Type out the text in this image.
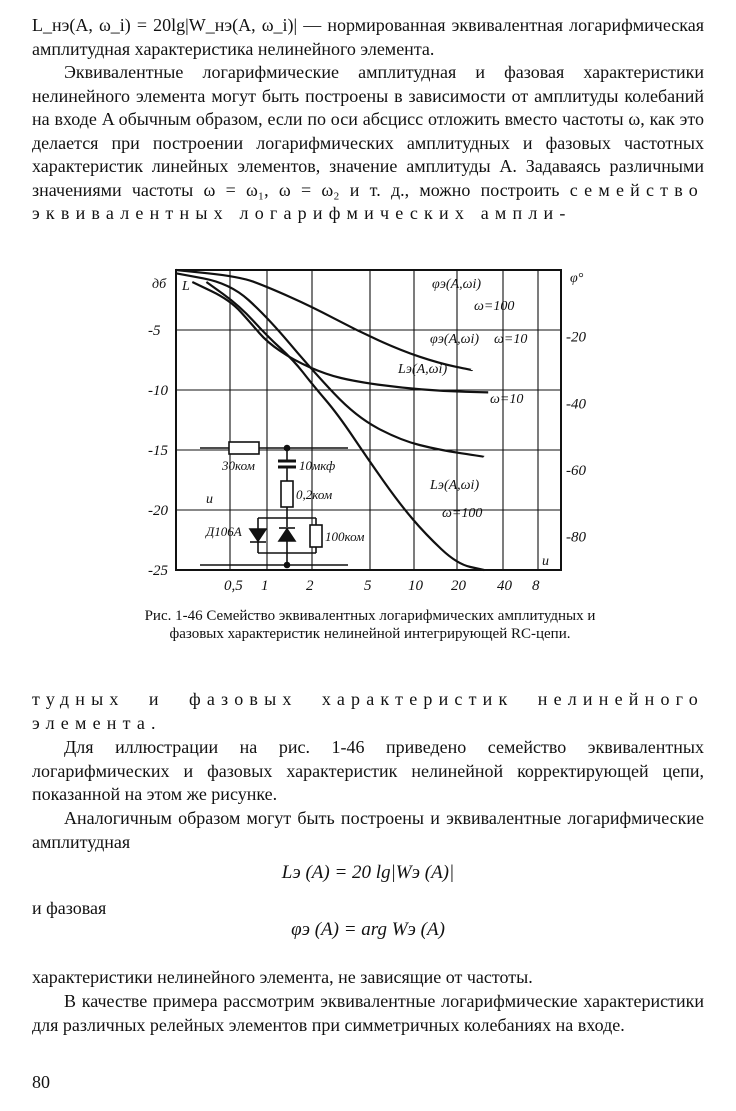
L_нэ(A, ω_i) = 20lg|W_нэ(A, ω_i)| — нормированная эквивалентная логарифмическая амплитудная характеристика нелинейного элемента.

Эквивалентные логарифмические амплитудная и фазовая характеристики нелинейного элемента могут быть построены в зависимости от амплитуды колебаний на входе A обычным образом, если по оси абсцисс отложить вместо частоты ω, как это делается при построении логарифмических амплитудных и фазовых частотных характеристик линейных элементов, значение амплитуды A. Задаваясь различными значениями частоты ω = ω₁, ω = ω₂ и т. д., можно построить семейство эквивалентных логарифмических ампли-

дб L
φ°
u
-5
-10
-15
-20
-25
-20
-40
-60
-80
0,5 1	2	5 10 20 40 8
φэ(A,ωi)
ω=100
φэ(A,ωi) ω=10
Lэ(A,ωi)
ω=10
Lэ(A,ωi)
ω=100
30ком	10мкф
0,2ком
Д106А	100ком
u

Рис. 1-46 Семейство эквивалентных логарифмических амплитудных и фазовых характеристик нелинейной интегрирующей RC-цепи.

тудных и фазовых характеристик нелинейного элемента.

Для иллюстрации на рис. 1-46 приведено семейство эквивалентных логарифмических и фазовых характеристик нелинейной корректирующей цепи, показанной на этом же рисунке.

Аналогичным образом могут быть построены и эквивалентные логарифмические амплитудная

Lэ (A) = 20 lg|Wэ (A)|

и фазовая

φэ (A) = arg Wэ (A)

характеристики нелинейного элемента, не зависящие от частоты.

В качестве примера рассмотрим эквивалентные логарифмические характеристики для различных релейных элементов при симметричных колебаниях на входе.

80
